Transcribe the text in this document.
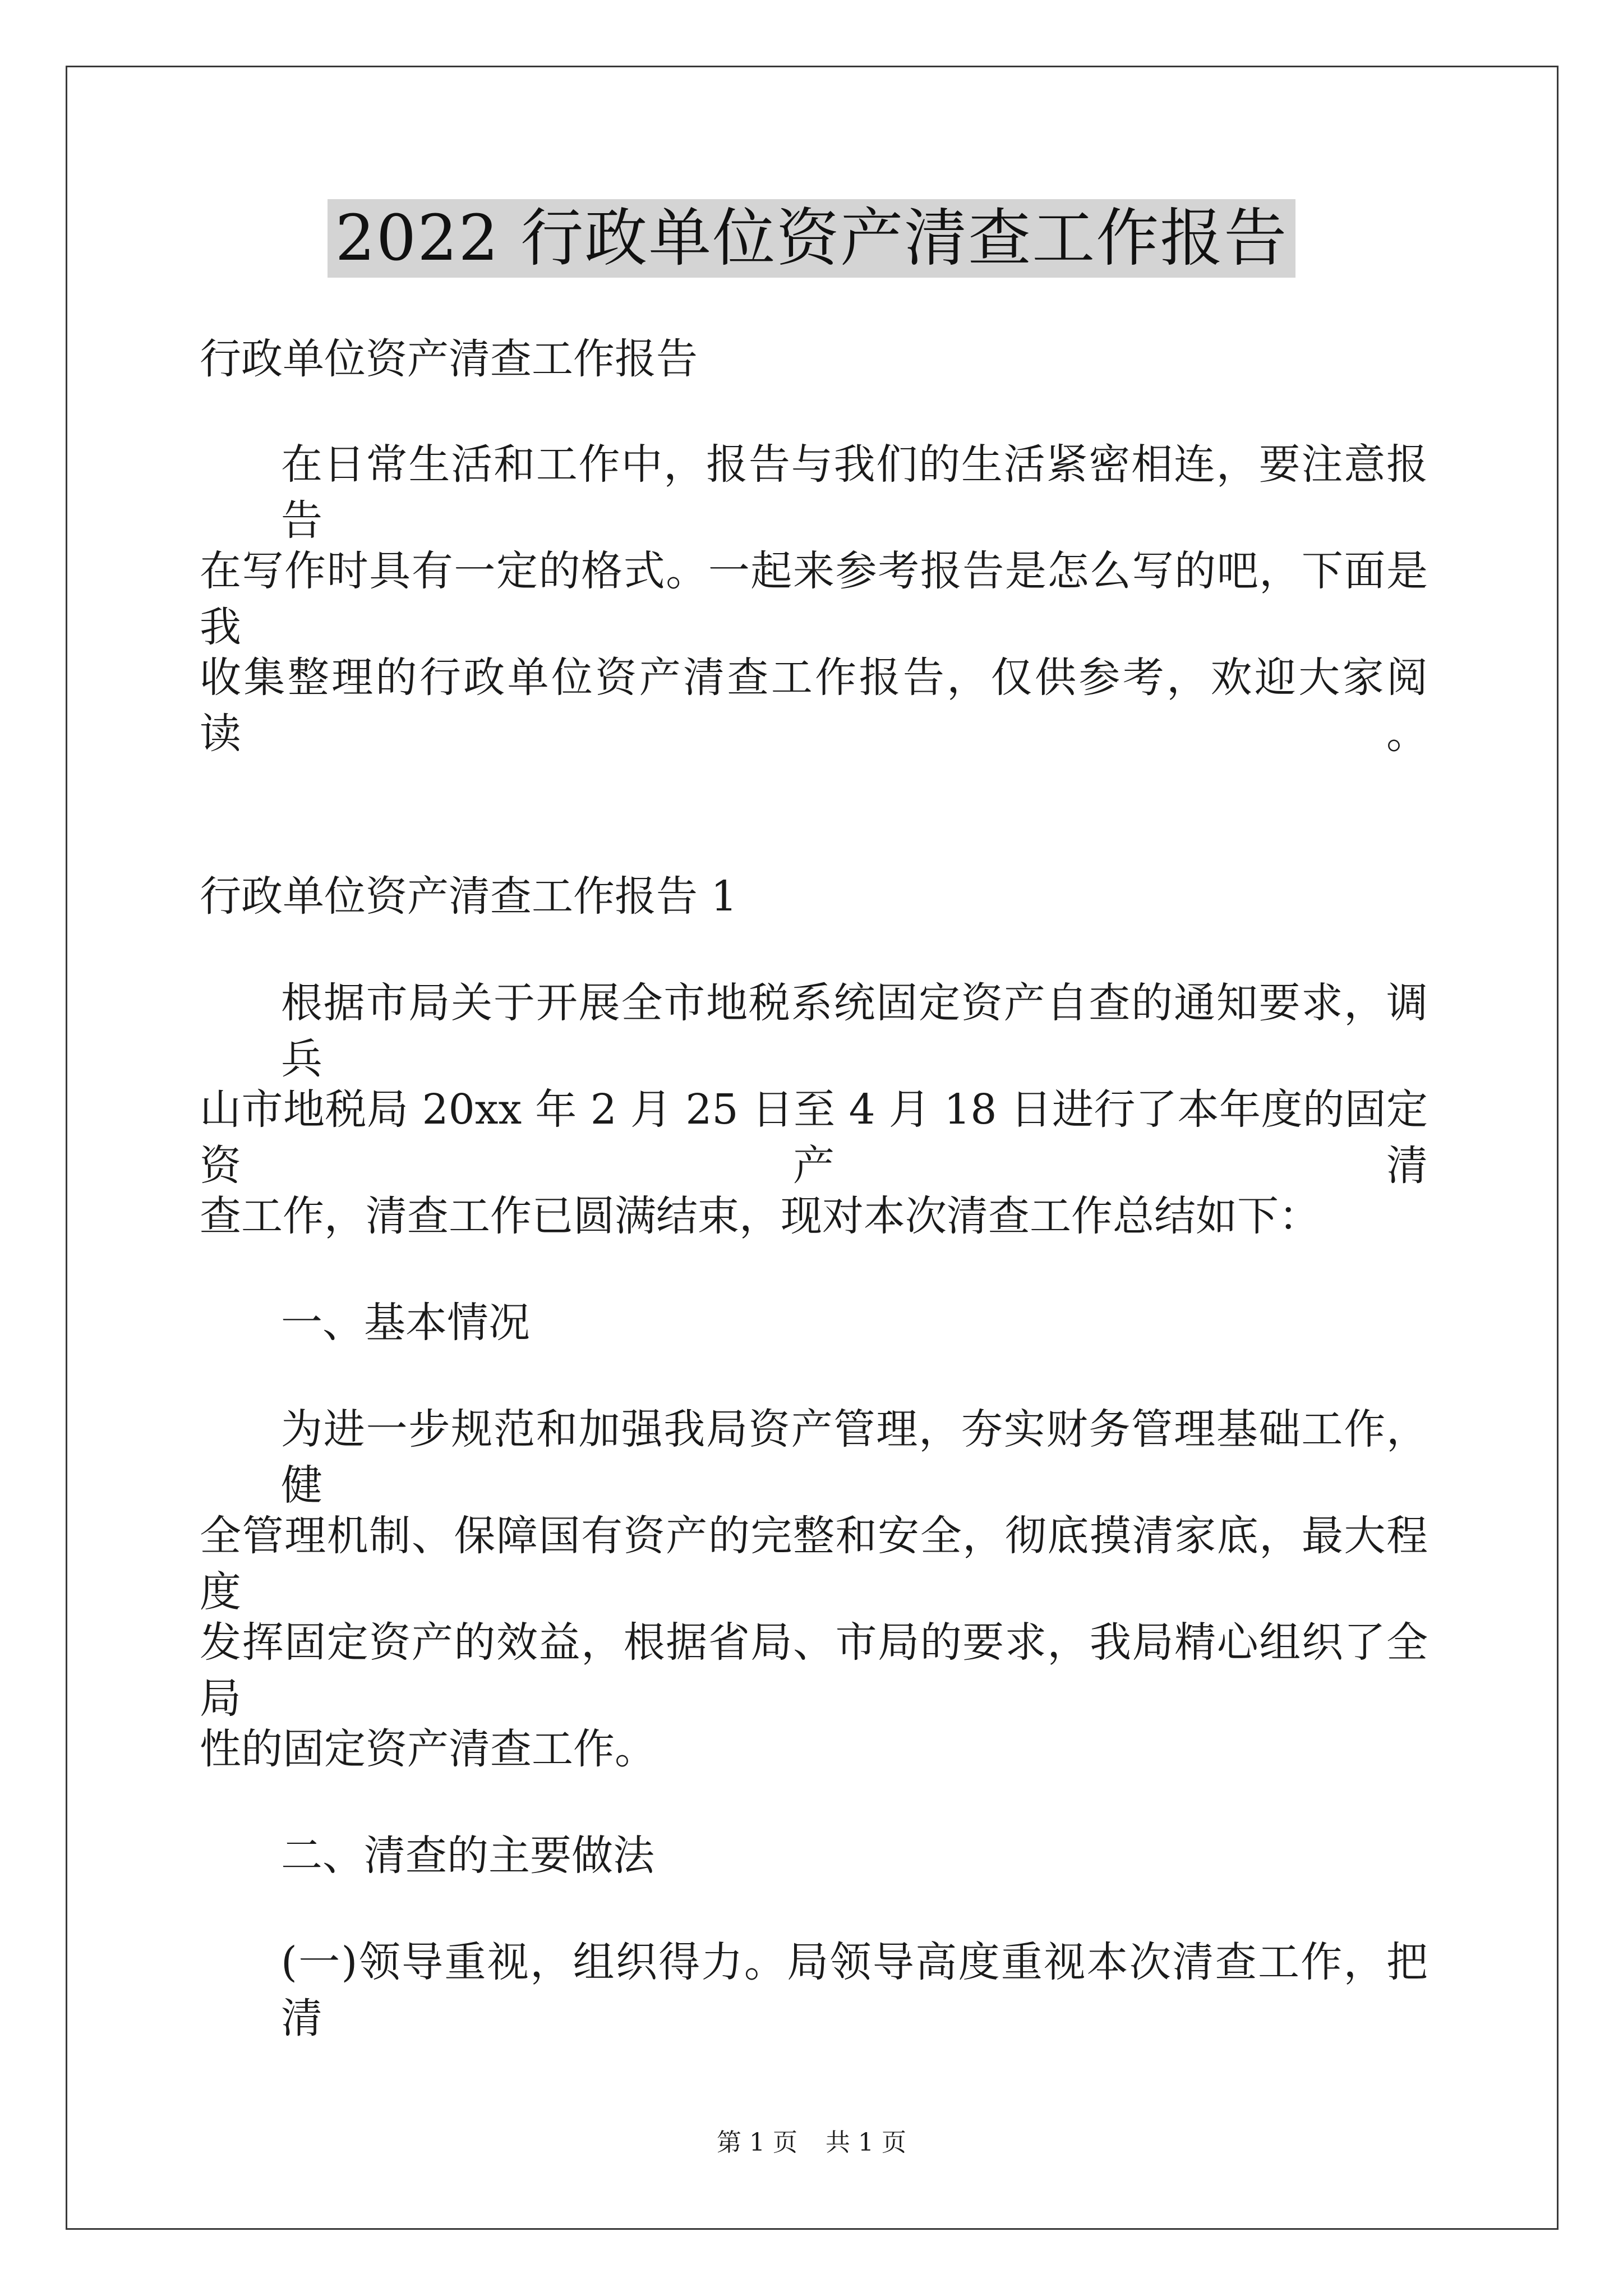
2022 行政单位资产清查工作报告
行政单位资产清查工作报告
在日常生活和工作中，报告与我们的生活紧密相连，要注意报告
在写作时具有一定的格式。一起来参考报告是怎么写的吧，下面是我
收集整理的行政单位资产清查工作报告，仅供参考，欢迎大家阅读。
行政单位资产清查工作报告 1
根据市局关于开展全市地税系统固定资产自查的通知要求，调兵
山市地税局 20xx 年 2 月 25 日至 4 月 18 日进行了本年度的固定资产清
查工作，清查工作已圆满结束，现对本次清查工作总结如下：
一、基本情况
为进一步规范和加强我局资产管理，夯实财务管理基础工作，健
全管理机制、保障国有资产的完整和安全，彻底摸清家底，最大程度
发挥固定资产的效益，根据省局、市局的要求，我局精心组织了全局
性的固定资产清查工作。
二、清查的主要做法
(一)领导重视，组织得力。局领导高度重视本次清查工作，把清
第 1 页 共 1 页
